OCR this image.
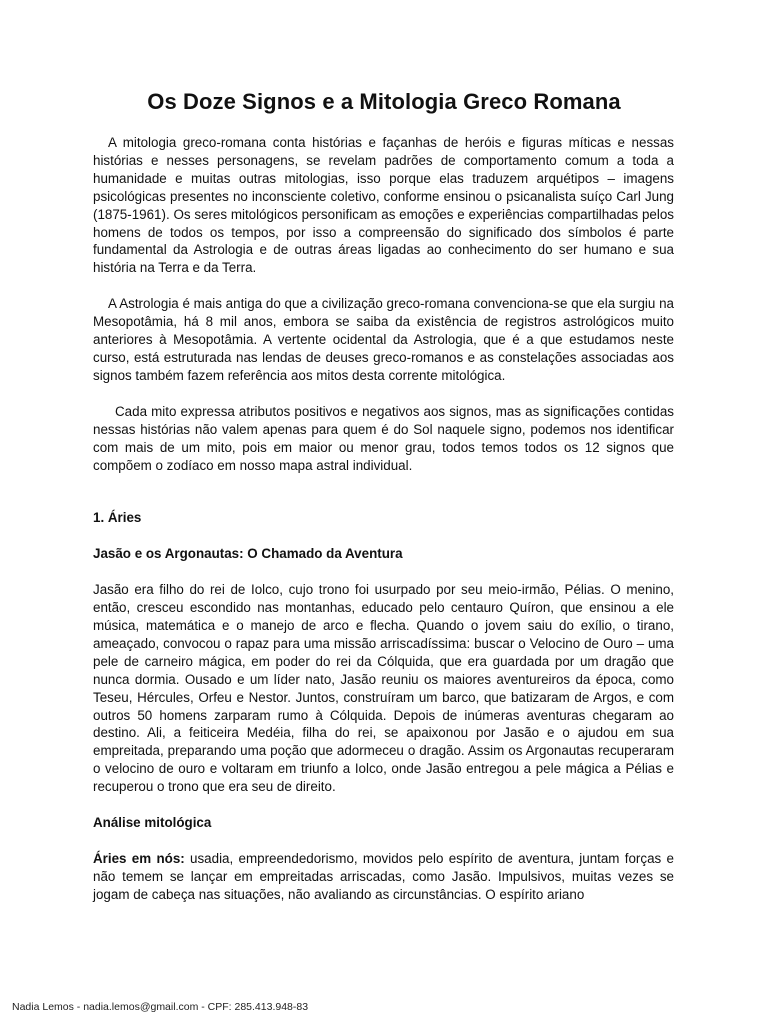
Os Doze Signos e a Mitologia Greco Romana

A mitologia greco-romana conta histórias e façanhas de heróis e figuras míticas e nessas histórias e nesses personagens, se revelam padrões de comportamento comum a toda a humanidade e muitas outras mitologias, isso porque elas traduzem arquétipos – imagens psicológicas presentes no inconsciente coletivo, conforme ensinou o psicanalista suíço Carl Jung (1875-1961). Os seres mitológicos personificam as emoções e experiências compartilhadas pelos homens de todos os tempos, por isso a compreensão do significado dos símbolos é parte fundamental da Astrologia e de outras áreas ligadas ao conhecimento do ser humano e sua história na Terra e da Terra.

A Astrologia é mais antiga do que a civilização greco-romana convenciona-se que ela surgiu na Mesopotâmia, há 8 mil anos, embora se saiba da existência de registros astrológicos muito anteriores à Mesopotâmia. A vertente ocidental da Astrologia, que é a que estudamos neste curso, está estruturada nas lendas de deuses greco-romanos e as constelações associadas aos signos também fazem referência aos mitos desta corrente mitológica.

Cada mito expressa atributos positivos e negativos aos signos, mas as significações contidas nessas histórias não valem apenas para quem é do Sol naquele signo, podemos nos identificar com mais de um mito, pois em maior ou menor grau, todos temos todos os 12 signos que compõem o zodíaco em nosso mapa astral individual.

1. Áries

Jasão e os Argonautas: O Chamado da Aventura

Jasão era filho do rei de Iolco, cujo trono foi usurpado por seu meio-irmão, Pélias. O menino, então, cresceu escondido nas montanhas, educado pelo centauro Quíron, que ensinou a ele música, matemática e o manejo de arco e flecha. Quando o jovem saiu do exílio, o tirano, ameaçado, convocou o rapaz para uma missão arriscadíssima: buscar o Velocino de Ouro – uma pele de carneiro mágica, em poder do rei da Cólquida, que era guardada por um dragão que nunca dormia. Ousado e um líder nato, Jasão reuniu os maiores aventureiros da época, como Teseu, Hércules, Orfeu e Nestor. Juntos, construíram um barco, que batizaram de Argos, e com outros 50 homens zarparam rumo à Cólquida. Depois de inúmeras aventuras chegaram ao destino. Ali, a feiticeira Medéia, filha do rei, se apaixonou por Jasão e o ajudou em sua empreitada, preparando uma poção que adormeceu o dragão. Assim os Argonautas recuperaram o velocino de ouro e voltaram em triunfo a Iolco, onde Jasão entregou a pele mágica a Pélias e recuperou o trono que era seu de direito.

Análise mitológica

Áries em nós: usadia, empreendedorismo, movidos pelo espírito de aventura, juntam forças e não temem se lançar em empreitadas arriscadas, como Jasão. Impulsivos, muitas vezes se jogam de cabeça nas situações, não avaliando as circunstâncias. O espírito ariano

Nadia Lemos - nadia.lemos@gmail.com - CPF: 285.413.948-83
